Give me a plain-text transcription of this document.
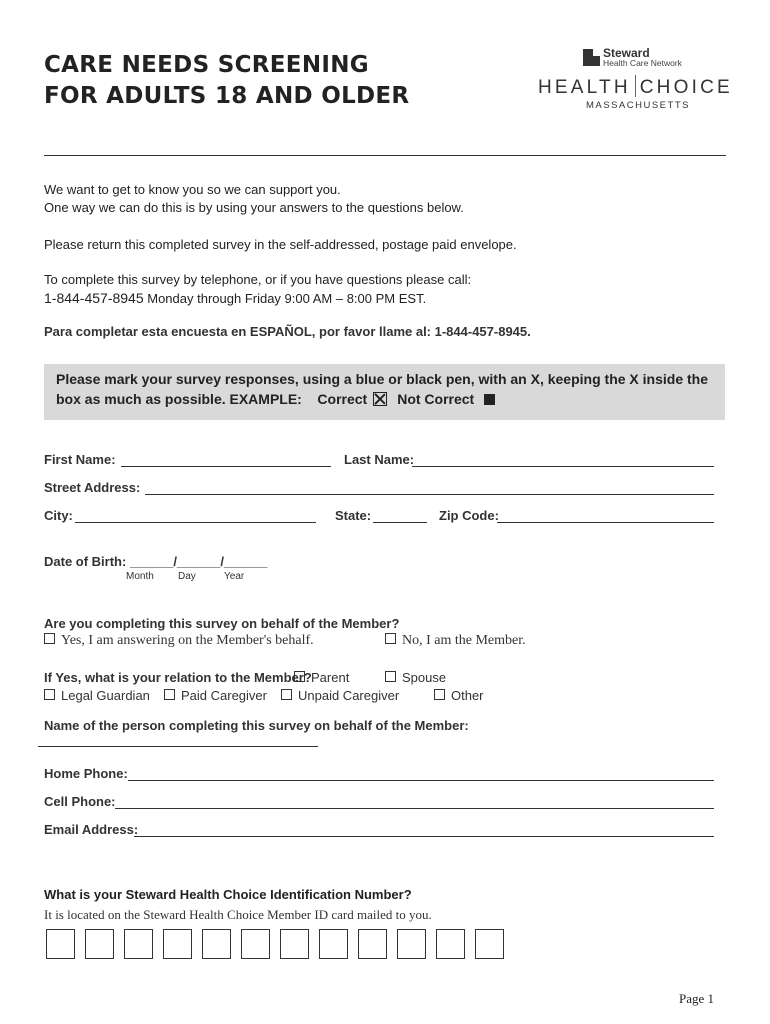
CARE NEEDS SCREENING
FOR ADULTS 18 AND OLDER
Steward
Health Care Network
HEALTH CHOICE
MASSACHUSETTS
We want to get to know you so we can support you.
One way we can do this is by using your answers to the questions below.
Please return this completed survey in the self-addressed, postage paid envelope.
To complete this survey by telephone, or if you have questions please call:
1-844-457-8945 Monday through Friday 9:00 AM – 8:00 PM EST.
Para completar esta encuesta en ESPAÑOL, por favor llame al: 1-844-457-8945.
Please mark your survey responses, using a blue or black pen, with an X, keeping the X inside the
box as much as possible. EXAMPLE: Correct Not Correct
First Name:	Last Name:
Street Address:
City:	State:	Zip Code:
Date of Birth: ______/______/______
Month Day	Year
Are you completing this survey on behalf of the Member?
Yes, I am answering on the Member's behalf.	No, I am the Member.
If Yes, what is your relation to the Member? Parent	Spouse
Legal Guardian	Paid Caregiver	Unpaid Caregiver	Other
Name of the person completing this survey on behalf of the Member:
Home Phone:
Cell Phone:
Email Address:
What is your Steward Health Choice Identification Number?
It is located on the Steward Health Choice Member ID card mailed to you.
Page 1
